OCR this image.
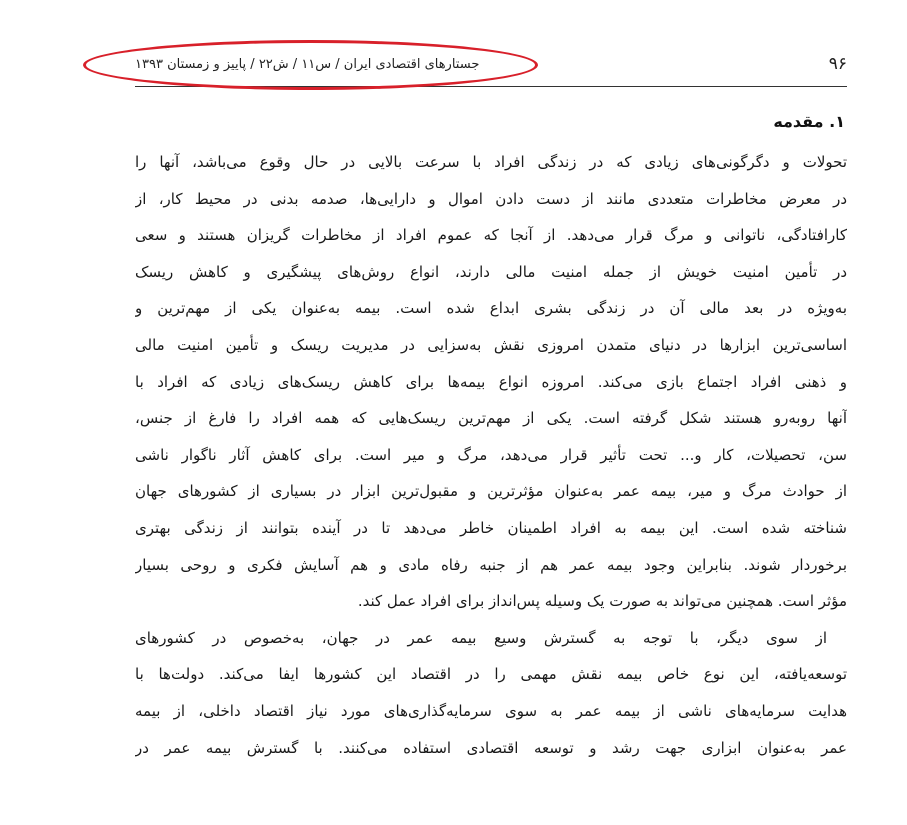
۹۶
جستارهای اقتصادی ایران / س۱۱ / ش۲۲ / پاییز و زمستان ۱۳۹۳
۱. مقدمه
تحولات و دگرگونی‌های زیادی که در زندگی افراد با سرعت بالایی در حال وقوع می‌باشد، آنها را
در معرض مخاطرات متعددی مانند از دست دادن اموال و دارایی‌ها، صدمه بدنی در محیط کار، از
کارافتادگی، ناتوانی و مرگ قرار می‌دهد. از آنجا که عموم افراد از مخاطرات گریزان هستند و سعی
در تأمین امنیت خویش از جمله امنیت مالی دارند، انواع روش‌های پیشگیری و کاهش ریسک
به‌ویژه در بعد مالی آن در زندگی بشری ابداع شده است. بیمه به‌عنوان یکی از مهم‌ترین و
اساسی‌ترین ابزارها در دنیای متمدن امروزی نقش به‌سزایی در مدیریت ریسک و تأمین امنیت مالی
و ذهنی افراد اجتماع بازی می‌کند. امروزه انواع بیمه‌ها برای کاهش ریسک‌های زیادی که افراد با
آنها روبه‌رو هستند شکل گرفته است. یکی از مهم‌ترین ریسک‌هایی که همه افراد را فارغ از جنس،
سن، تحصیلات، کار و... تحت تأثیر قرار می‌دهد، مرگ و میر است. برای کاهش آثار ناگوار ناشی
از حوادث مرگ و میر، بیمه عمر به‌عنوان مؤثرترین و مقبول‌ترین ابزار در بسیاری از کشورهای جهان
شناخته شده است. این بیمه به افراد اطمینان خاطر می‌دهد تا در آینده بتوانند از زندگی بهتری
برخوردار شوند. بنابراین وجود بیمه عمر هم از جنبه رفاه مادی و هم آسایش فکری و روحی بسیار
مؤثر است. همچنین می‌تواند به صورت یک وسیله پس‌انداز برای افراد عمل کند.
از سوی دیگر، با توجه به گسترش وسیع بیمه عمر در جهان، به‌خصوص در کشورهای
توسعه‌یافته، این نوع خاص بیمه نقش مهمی را در اقتصاد این کشورها ایفا می‌کند. دولت‌ها با
هدایت سرمایه‌های ناشی از بیمه عمر به سوی سرمایه‌گذاری‌های مورد نیاز اقتصاد داخلی، از بیمه
عمر به‌عنوان ابزاری جهت رشد و توسعه اقتصادی استفاده می‌کنند. با گسترش بیمه عمر در
